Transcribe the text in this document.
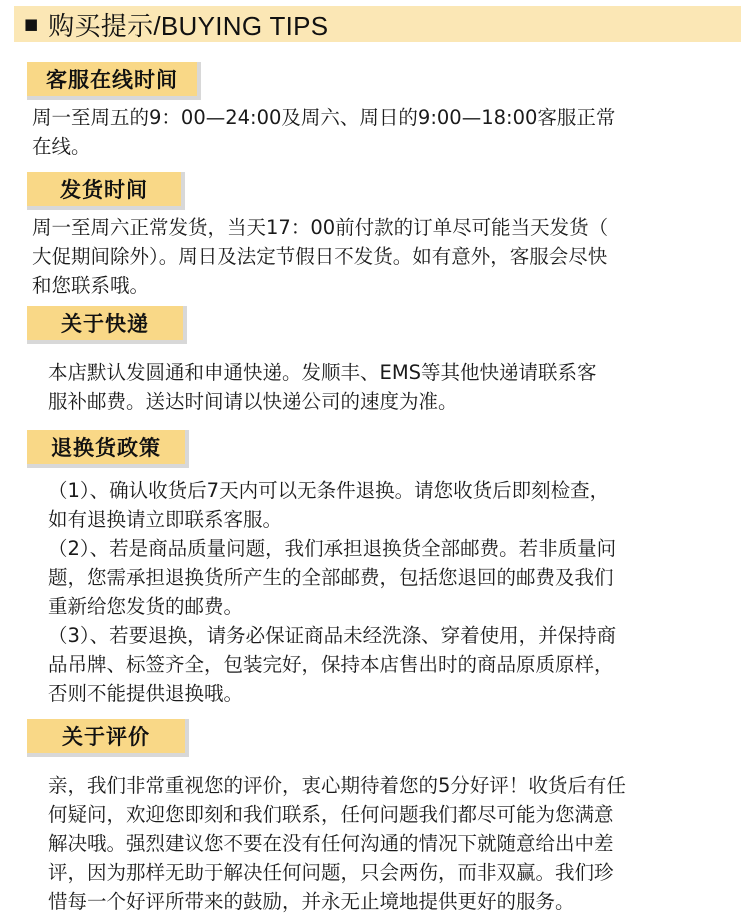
■ 购买提示/BUYING TIPS
客服在线时间

周一至周五的9：00—24:00及周六、周日的9:00—18:00客服正常
在线。

发货时间

周一至周六正常发货，当天17：00前付款的订单尽可能当天发货（
大促期间除外）。周日及法定节假日不发货。如有意外，客服会尽快
和您联系哦。

关于快递

本店默认发圆通和申通快递。发顺丰、EMS等其他快递请联系客
服补邮费。送达时间请以快递公司的速度为准。

退换货政策

（1）、确认收货后7天内可以无条件退换。请您收货后即刻检查，
如有退换请立即联系客服。
（2）、若是商品质量问题，我们承担退换货全部邮费。若非质量问
题，您需承担退换货所产生的全部邮费，包括您退回的邮费及我们
重新给您发货的邮费。
（3）、若要退换，请务必保证商品未经洗涤、穿着使用，并保持商
品吊牌、标签齐全，包装完好，保持本店售出时的商品原质原样，
否则不能提供退换哦。

关于评价

亲，我们非常重视您的评价，衷心期待着您的5分好评！收货后有任
何疑问，欢迎您即刻和我们联系，任何问题我们都尽可能为您满意
解决哦。强烈建议您不要在没有任何沟通的情况下就随意给出中差
评，因为那样无助于解决任何问题，只会两伤，而非双赢。我们珍
惜每一个好评所带来的鼓励，并永无止境地提供更好的服务。
